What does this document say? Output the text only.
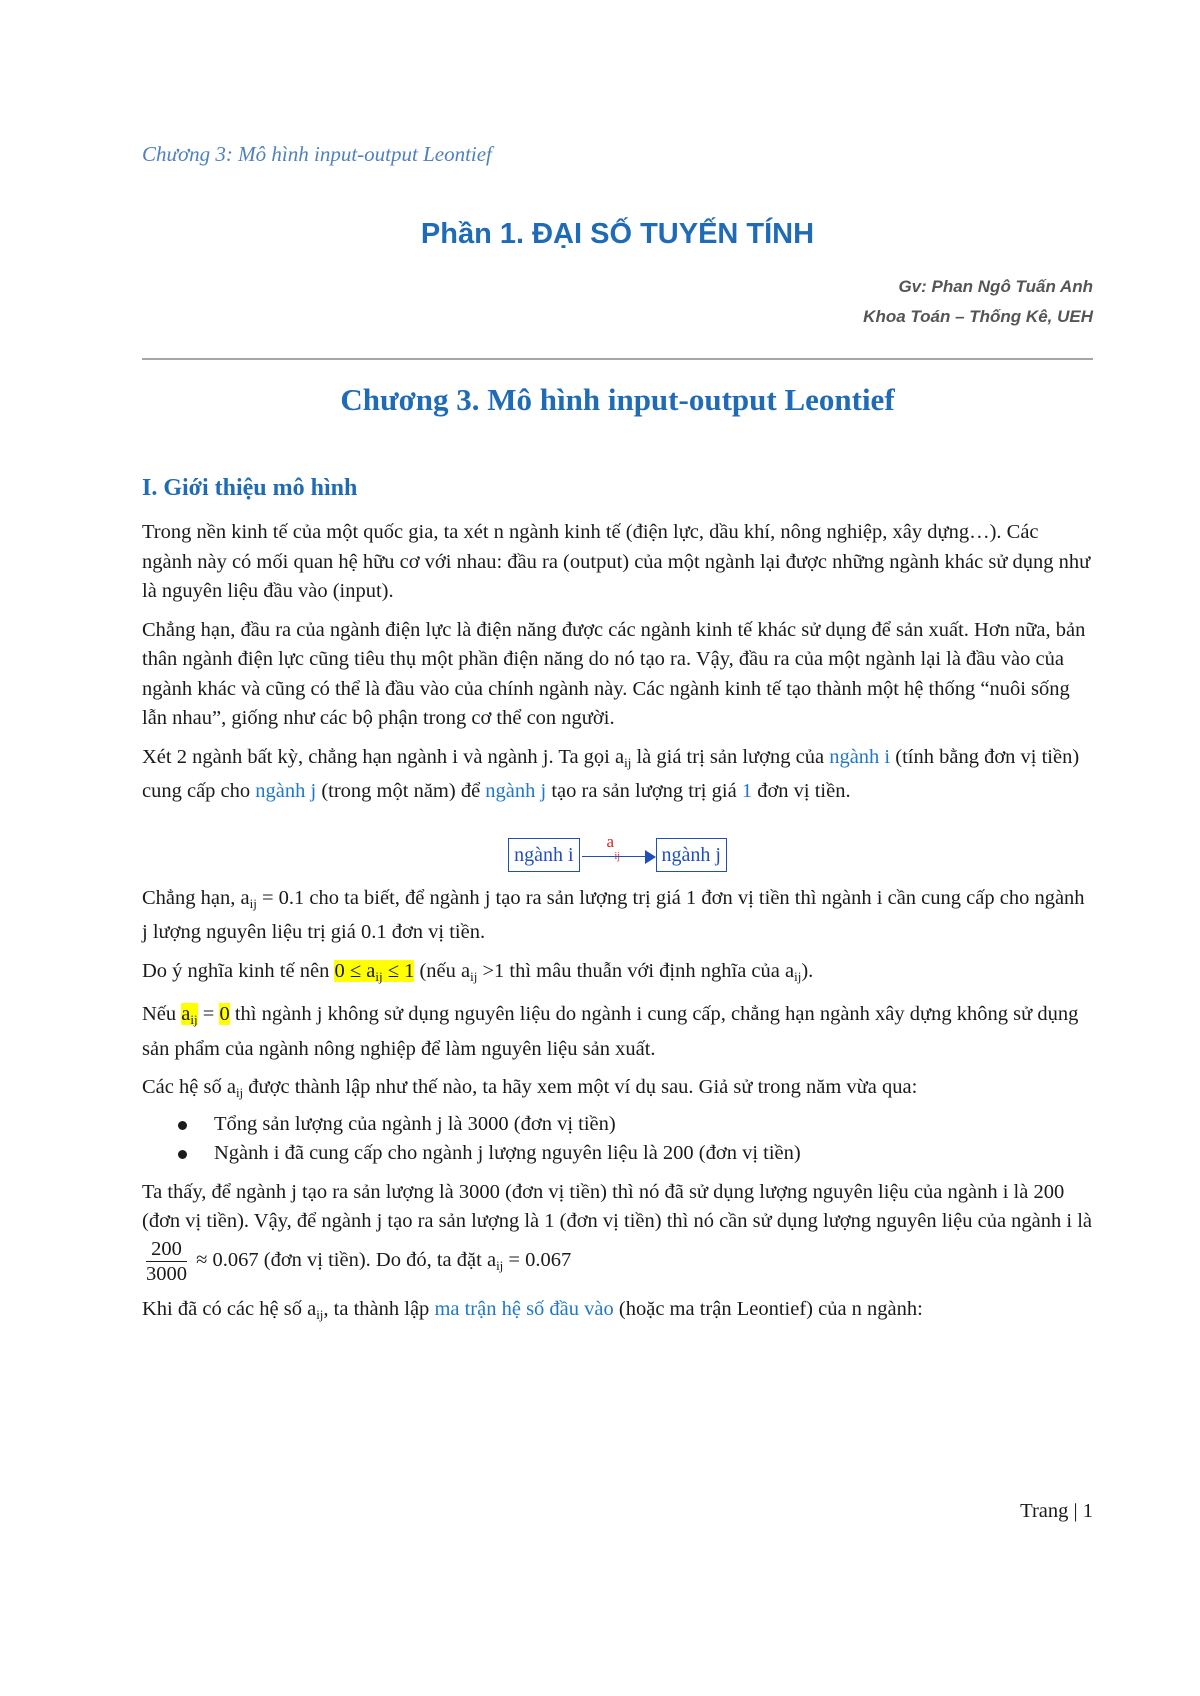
Chương 3: Mô hình input-output Leontief
Phần 1. ĐẠI SỐ TUYẾN TÍNH
Gv: Phan Ngô Tuấn Anh
Khoa Toán – Thống Kê, UEH
Chương 3. Mô hình input-output Leontief
I. Giới thiệu mô hình

Trong nền kinh tế của một quốc gia, ta xét n ngành kinh tế (điện lực, dầu khí, nông nghiệp, xây dựng…). Các ngành này có mối quan hệ hữu cơ với nhau: đầu ra (output) của một ngành lại được những ngành khác sử dụng như là nguyên liệu đầu vào (input).

Chẳng hạn, đầu ra của ngành điện lực là điện năng được các ngành kinh tế khác sử dụng để sản xuất. Hơn nữa, bản thân ngành điện lực cũng tiêu thụ một phần điện năng do nó tạo ra. Vậy, đầu ra của một ngành lại là đầu vào của ngành khác và cũng có thể là đầu vào của chính ngành này. Các ngành kinh tế tạo thành một hệ thống “nuôi sống lẫn nhau”, giống như các bộ phận trong cơ thể con người.

Xét 2 ngành bất kỳ, chẳng hạn ngành i và ngành j. Ta gọi $a_{ij}$ là giá trị sản lượng của ngành i (tính bằng đơn vị tiền) cung cấp cho ngành j (trong một năm) để ngành j tạo ra sản lượng trị giá 1 đơn vị tiền.

ngành i
a
ij	ngành j

Chẳng hạn, $a_{ij} = 0.1$ cho ta biết, để ngành j tạo ra sản lượng trị giá 1 đơn vị tiền thì ngành i cần cung cấp cho ngành j lượng nguyên liệu trị giá 0.1 đơn vị tiền.

Do ý nghĩa kinh tế nên $0 \le a_{ij} \le 1$ (nếu $a_{ij} >1$ thì mâu thuẫn với định nghĩa của $a_{ij}$).

Nếu $a_{ij} = 0$ thì ngành j không sử dụng nguyên liệu do ngành i cung cấp, chẳng hạn ngành xây dựng không sử dụng sản phẩm của ngành nông nghiệp để làm nguyên liệu sản xuất.

Các hệ số $a_{ij}$ được thành lập như thế nào, ta hãy xem một ví dụ sau. Giả sử trong năm vừa qua:

Tổng sản lượng của ngành j là 3000 (đơn vị tiền)
Ngành i đã cung cấp cho ngành j lượng nguyên liệu là 200 (đơn vị tiền)

Ta thấy, để ngành j tạo ra sản lượng là 3000 (đơn vị tiền) thì nó đã sử dụng lượng nguyên liệu của ngành i là 200 (đơn vị tiền). Vậy, để ngành j tạo ra sản lượng là 1 (đơn vị tiền) thì nó cần sử dụng lượng nguyên liệu của ngành i là
$\frac{200}{3000} \approx 0.067$ (đơn vị tiền). Do đó, ta đặt $a_{ij} = 0.067$

Khi đã có các hệ số $a_{ij}$, ta thành lập ma trận hệ số đầu vào (hoặc ma trận Leontief) của n ngành:

Trang | 1
